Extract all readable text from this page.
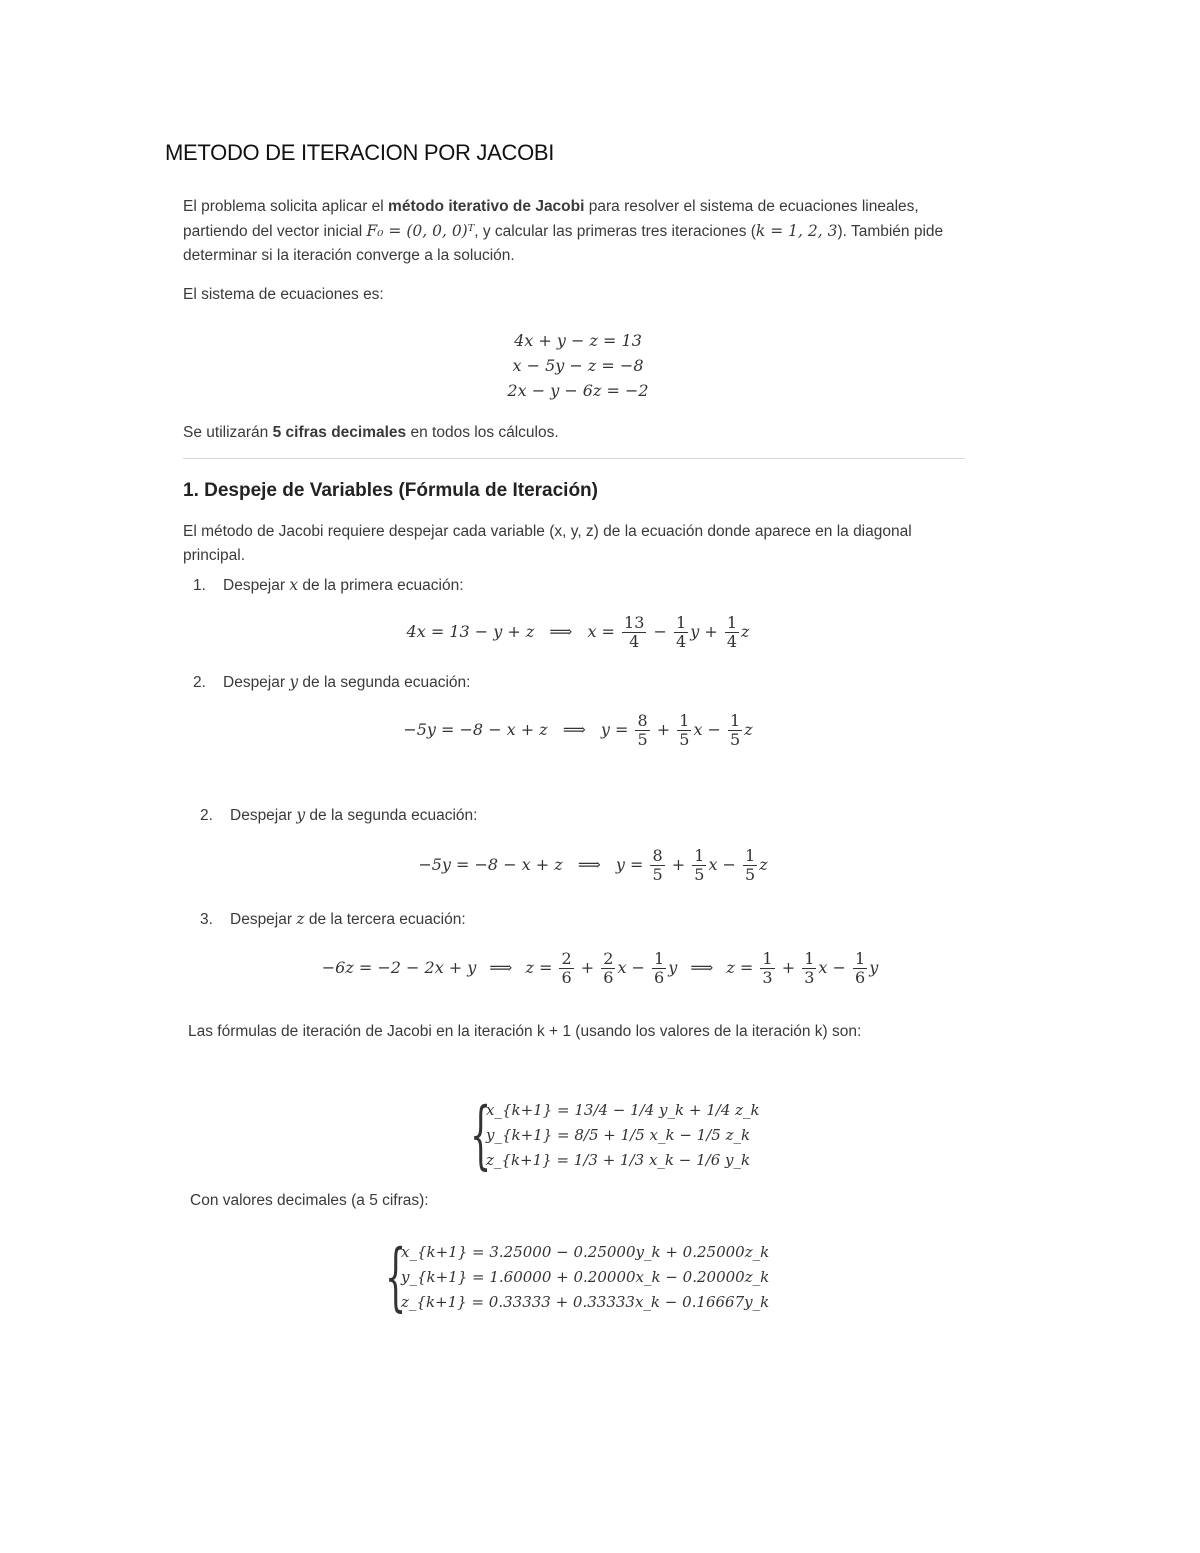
METODO DE ITERACION POR JACOBI
El problema solicita aplicar el método iterativo de Jacobi para resolver el sistema de ecuaciones lineales, partiendo del vector inicial F₀ = (0, 0, 0)ᵀ, y calcular las primeras tres iteraciones (k = 1, 2, 3). También pide determinar si la iteración converge a la solución.
El sistema de ecuaciones es:
4x + y − z = 13
x − 5y − z = −8
2x − y − 6z = −2
Se utilizarán 5 cifras decimales en todos los cálculos.
1. Despeje de Variables (Fórmula de Iteración)
El método de Jacobi requiere despejar cada variable (x, y, z) de la ecuación donde aparece en la diagonal principal.
1. Despejar x de la primera ecuación:
4x = 13 − y + z ⟹ $x = \frac{13}{4} - \frac{1}{4}$ $y + \frac{1}{4}$ z
2. Despejar y de la segunda ecuación:
−5y = −8 − x + z ⟹ $y = \frac{8}{5} + \frac{1}{5}$ $x - \frac{1}{5}$ z
2. Despejar y de la segunda ecuación:
−5y = −8 − x + z ⟹ $y = \frac{8}{5} + \frac{1}{5}$ $x - \frac{1}{5}$ z
3. Despejar z de la tercera ecuación:
−6z = −2 − 2x + y ⟹ $z = \frac{2}{6} + \frac{2}{6}$ $x - \frac{1}{6}$ y ⟹ $z = \frac{1}{3} + \frac{1}{3}$ $x - \frac{1}{6}$ y
Las fórmulas de iteración de Jacobi en la iteración k + 1 (usando los valores de la iteración k) son:
{
x_{k+1} = 13/4 − 1/4 y_k + 1/4 z_k
y_{k+1} = 8/5 + 1/5 x_k − 1/5 z_k
z_{k+1} = 1/3 + 1/3 x_k − 1/6 y_k
Con valores decimales (a 5 cifras):
{
x_{k+1} = 3.25000 − 0.25000y_k + 0.25000z_k
y_{k+1} = 1.60000 + 0.20000x_k − 0.20000z_k
z_{k+1} = 0.33333 + 0.33333x_k − 0.16667y_k
